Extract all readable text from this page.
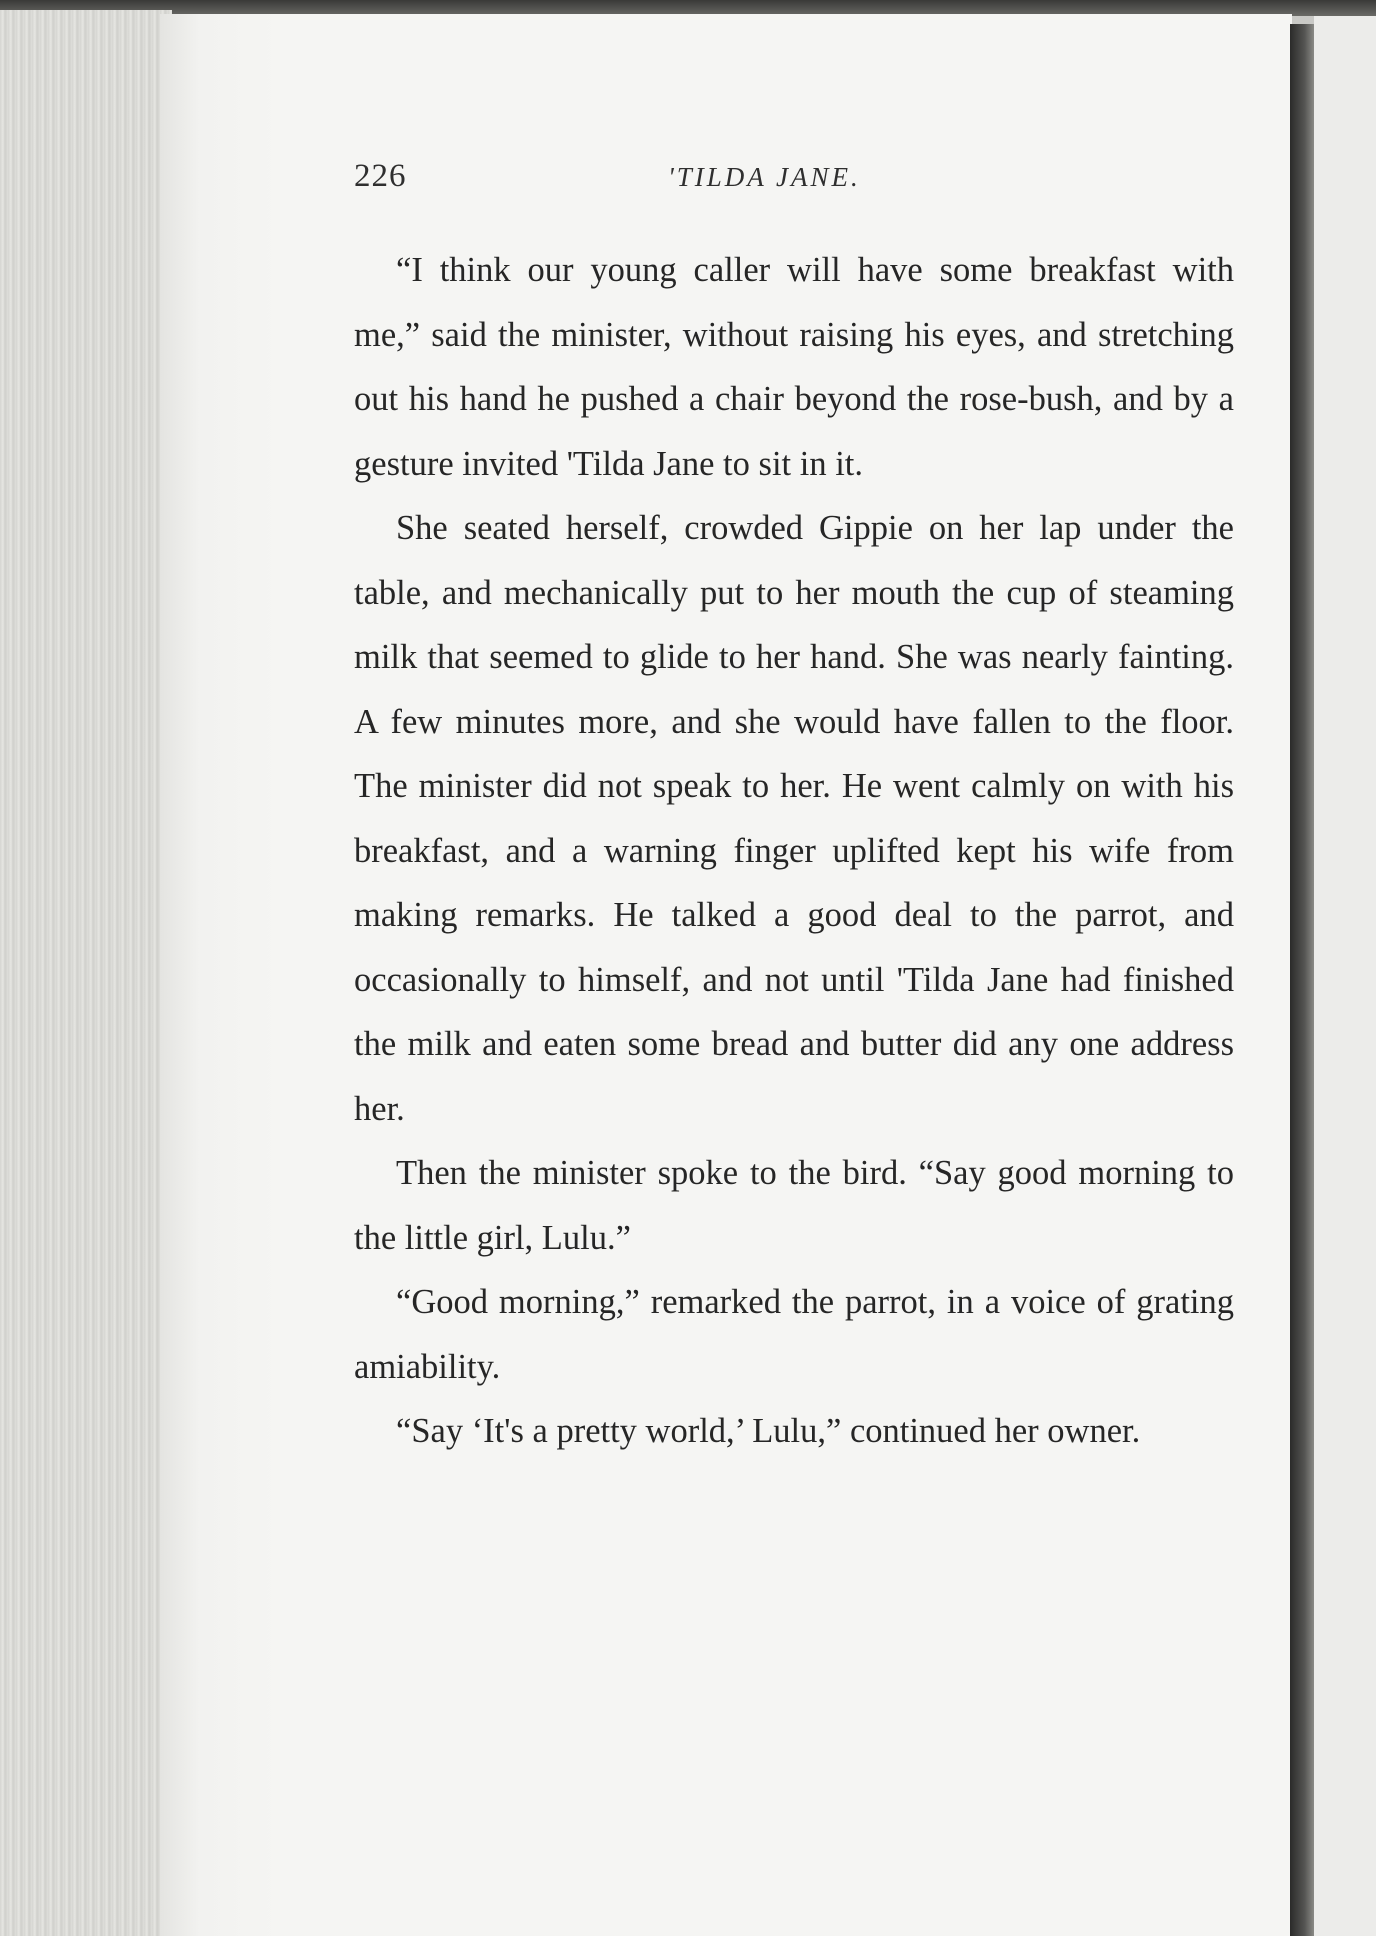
226	'TILDA JANE.

“I think our young caller will have some breakfast with me,” said the minister, without raising his eyes, and stretching out his hand he pushed a chair beyond the rose-bush, and by a gesture invited 'Tilda Jane to sit in it.

She seated herself, crowded Gippie on her lap under the table, and mechanically put to her mouth the cup of steaming milk that seemed to glide to her hand. She was nearly fainting. A few minutes more, and she would have fallen to the floor. The minister did not speak to her. He went calmly on with his breakfast, and a warning finger uplifted kept his wife from making remarks. He talked a good deal to the parrot, and occasionally to himself, and not until 'Tilda Jane had finished the milk and eaten some bread and butter did any one address her.

Then the minister spoke to the bird. “Say good morning to the little girl, Lulu.”

“Good morning,” remarked the parrot, in a voice of grating amiability.

“Say ‘It's a pretty world,’ Lulu,” continued her owner.
